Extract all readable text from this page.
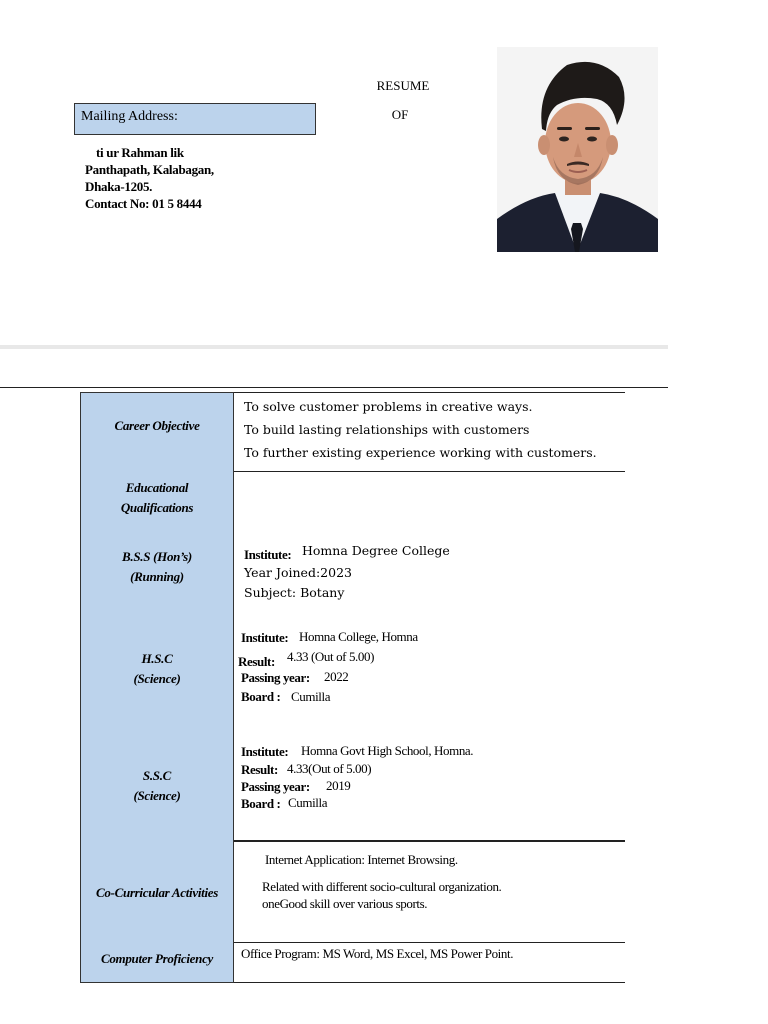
RESUME
OF
Mailing Address:
ti ur Rahman lik
Panthapath, Kalabagan,
Dhaka-1205.
Contact No: 01 5 8444
Career Objective
To solve customer problems in creative ways.
To build lasting relationships with customers
To further existing experience working with customers.
Educational
Qualifications
B.S.S (Hon’s)
(Running)
Institute: Homna Degree College
Year Joined:2023
Subject: Botany
H.S.C
(Science)
Institute: Homna College, Homna
Result: 4.33 (Out of 5.00)
Passing year: 2022
Board : Cumilla
S.S.C
(Science)
Institute: Homna Govt High School, Homna.
Result: 4.33(Out of 5.00)
Passing year: 2019
Board : Cumilla
Co-Curricular Activities
Internet Application: Internet Browsing.
Related with different socio-cultural organization.
oneGood skill over various sports.
Computer Proficiency	Office Program: MS Word, MS Excel, MS Power Point.
